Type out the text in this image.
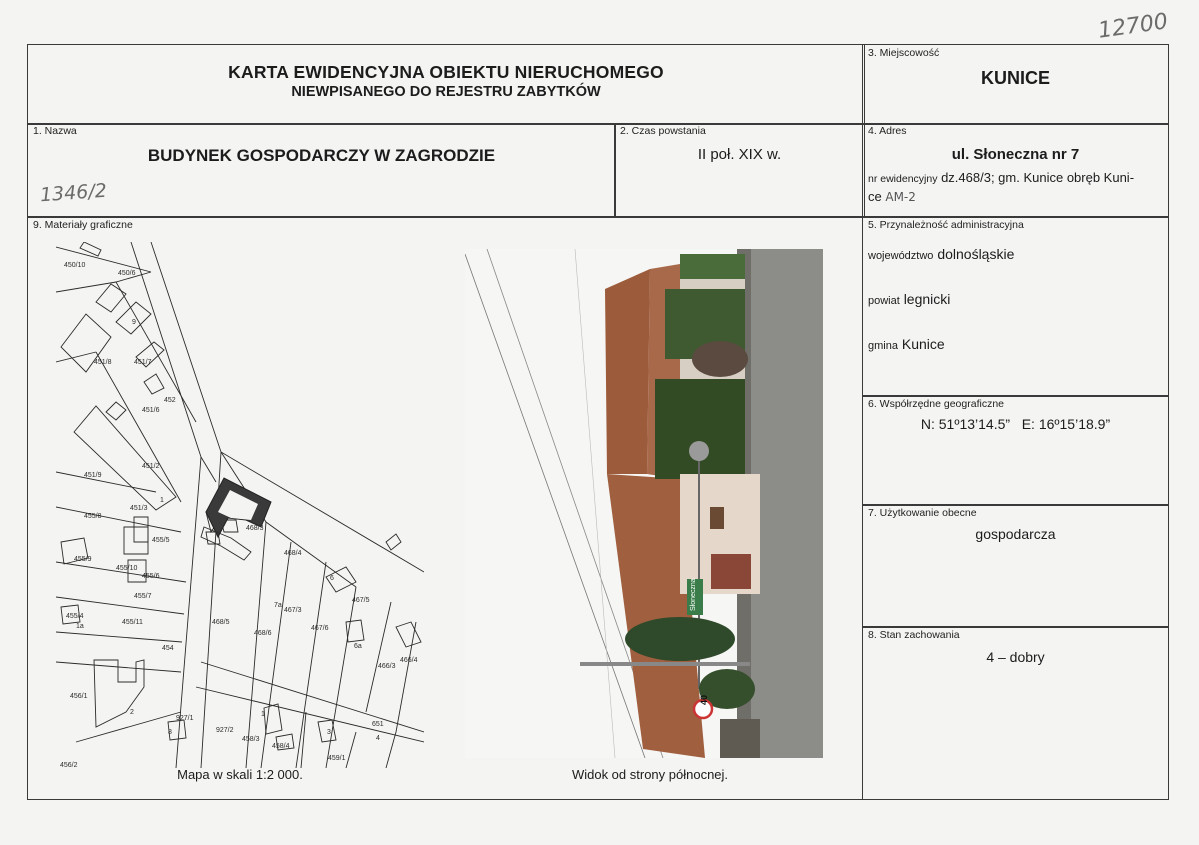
12700
KARTA EWIDENCYJNA OBIEKTU NIERUCHOMEGO
NIEWPISANEGO DO REJESTRU ZABYTKÓW
3. Miejscowość
KUNICE
1. Nazwa
BUDYNEK GOSPODARCZY W ZAGRODZIE
1346/2
2. Czas powstania
II poł. XIX w.
4. Adres
ul. Słoneczna nr 7
nr ewidencyjny dz.468/3; gm. Kunice obręb Kuni-
ce AM-2
9. Materiały graficzne
450/10
450/6
451/8	451/7
452
451/6
451/2
451/9
451/3
455/8
455/5
455/9
455/10
455/6
455/7
455/4
455/11
454
468/3
468/4
467/3
467/6
467/5
466/4
466/3
468/5
468/6
456/1
927/1
927/2
458/3
458/4
459/1
651
456/2
7a
6
6a
1a
1
2
3
4
8
9
1
Mapa w skali 1:2 000.
Słoneczna
40
Widok od strony północnej.
5. Przynależność administracyjna
województwo dolnośląskie
powiat legnicki
gmina Kunice
6. Współrzędne geograficzne
N: 51º13’14.5”   E: 16º15’18.9”
7. Użytkowanie obecne
gospodarcza
8. Stan zachowania
4 – dobry
